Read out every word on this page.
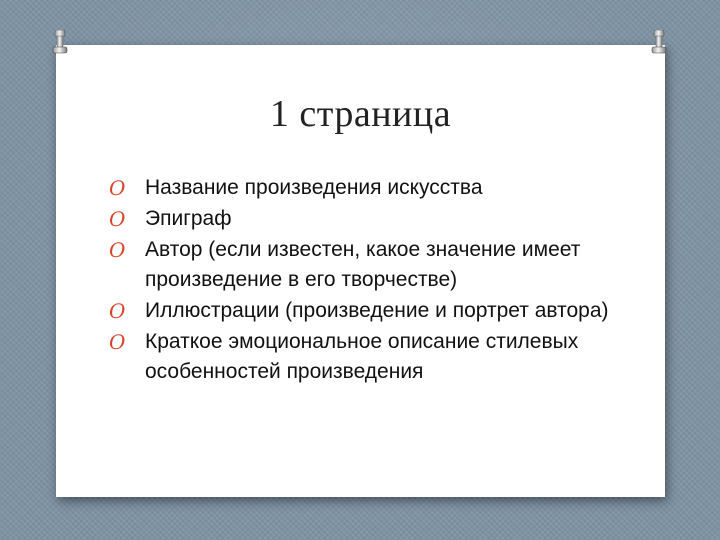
1 страница
O Название произведения искусства
O Эпиграф
O Автор (если известен, какое значение имеет произведение в его творчестве)
O Иллюстрации (произведение и портрет автора)
O Краткое эмоциональное описание стилевых особенностей произведения
